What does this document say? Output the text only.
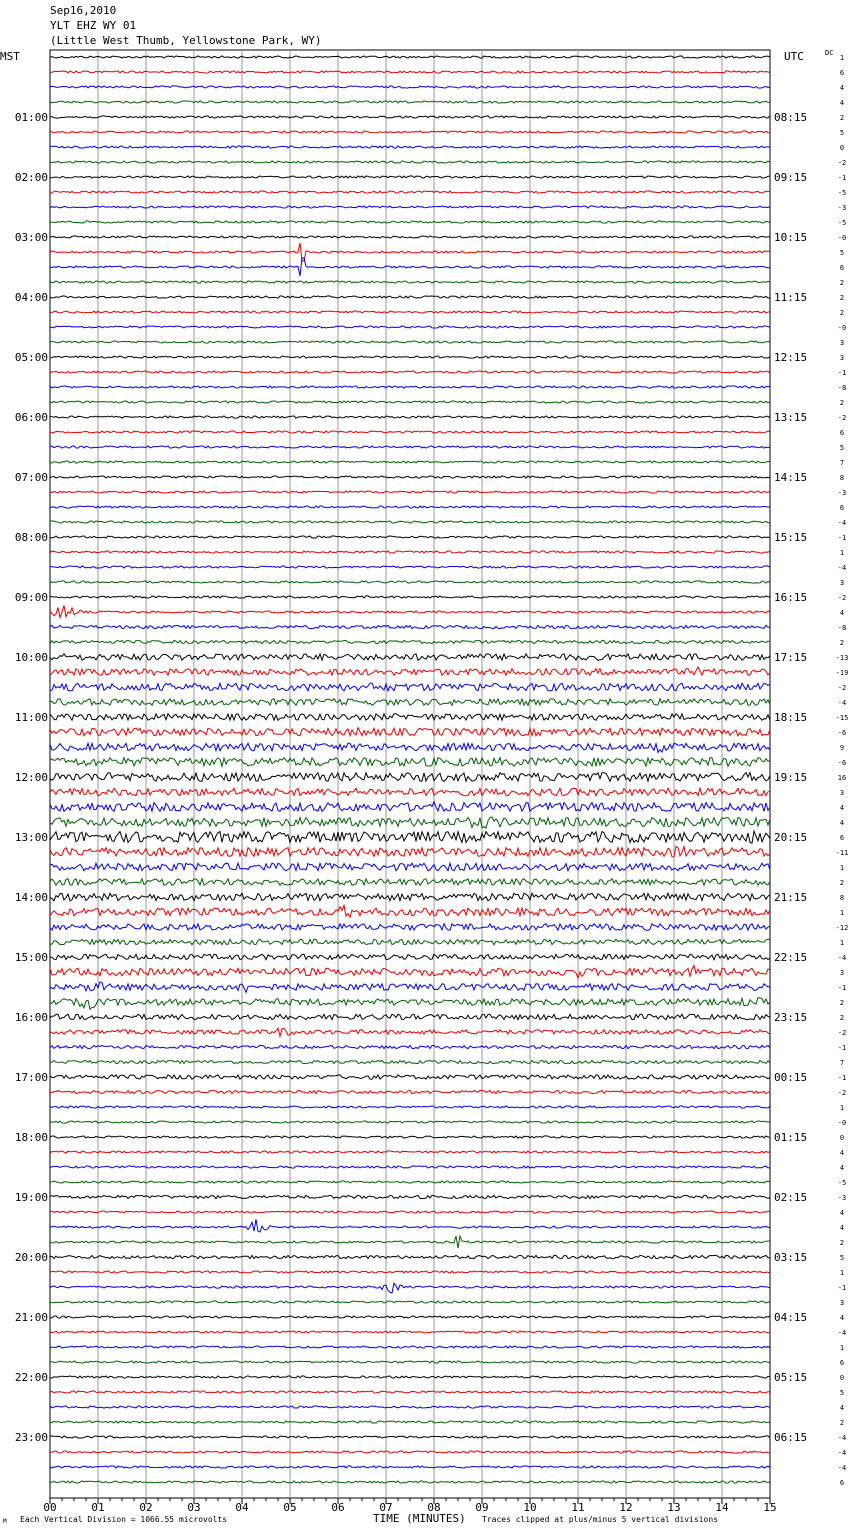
Sep16,2010
YLT EHZ WY 01
(Little West Thumb, Yellowstone Park, WY)
MST	UTC	DC
00	01	02	03	04	05	06	07	08	09	10	11	12	13	14	15
1
6
4
4
2
5
0
-2
-1
-5
-3
-5
-0
5
6
2
2
2
-0
3
3
-1
-8
2
-2
6
5
7
8
-3
6
-4
-1
1
-4
3
-2
4
-8
2
-13
-19
-2
-4
-15
-6
9
-6
16
3
4
4
6
-11
1
2
8
1
-12
1
-4
3
-1
2
2
-2
-1
7
-1
-2
1
-0
0
4
4
-5
-3
4
4
2
5
1
-1
3
4
-4
1
6
0
5
4
2
-4
-4
-4
6
01:00	08:15
02:00	09:15
03:00	10:15
04:00	11:15
05:00	12:15
06:00	13:15
07:00	14:15
08:00	15:15
09:00	16:15
10:00	17:15
11:00	18:15
12:00	19:15
13:00	20:15
14:00	21:15
15:00	22:15
16:00	23:15
17:00	00:15
18:00	01:15
19:00	02:15
20:00	03:15
21:00	04:15
22:00	05:15
23:00	06:15
M Each Vertical Division = 1066.55 microvolts	TIME (MINUTES) Traces clipped at plus/minus 5 vertical divisions
